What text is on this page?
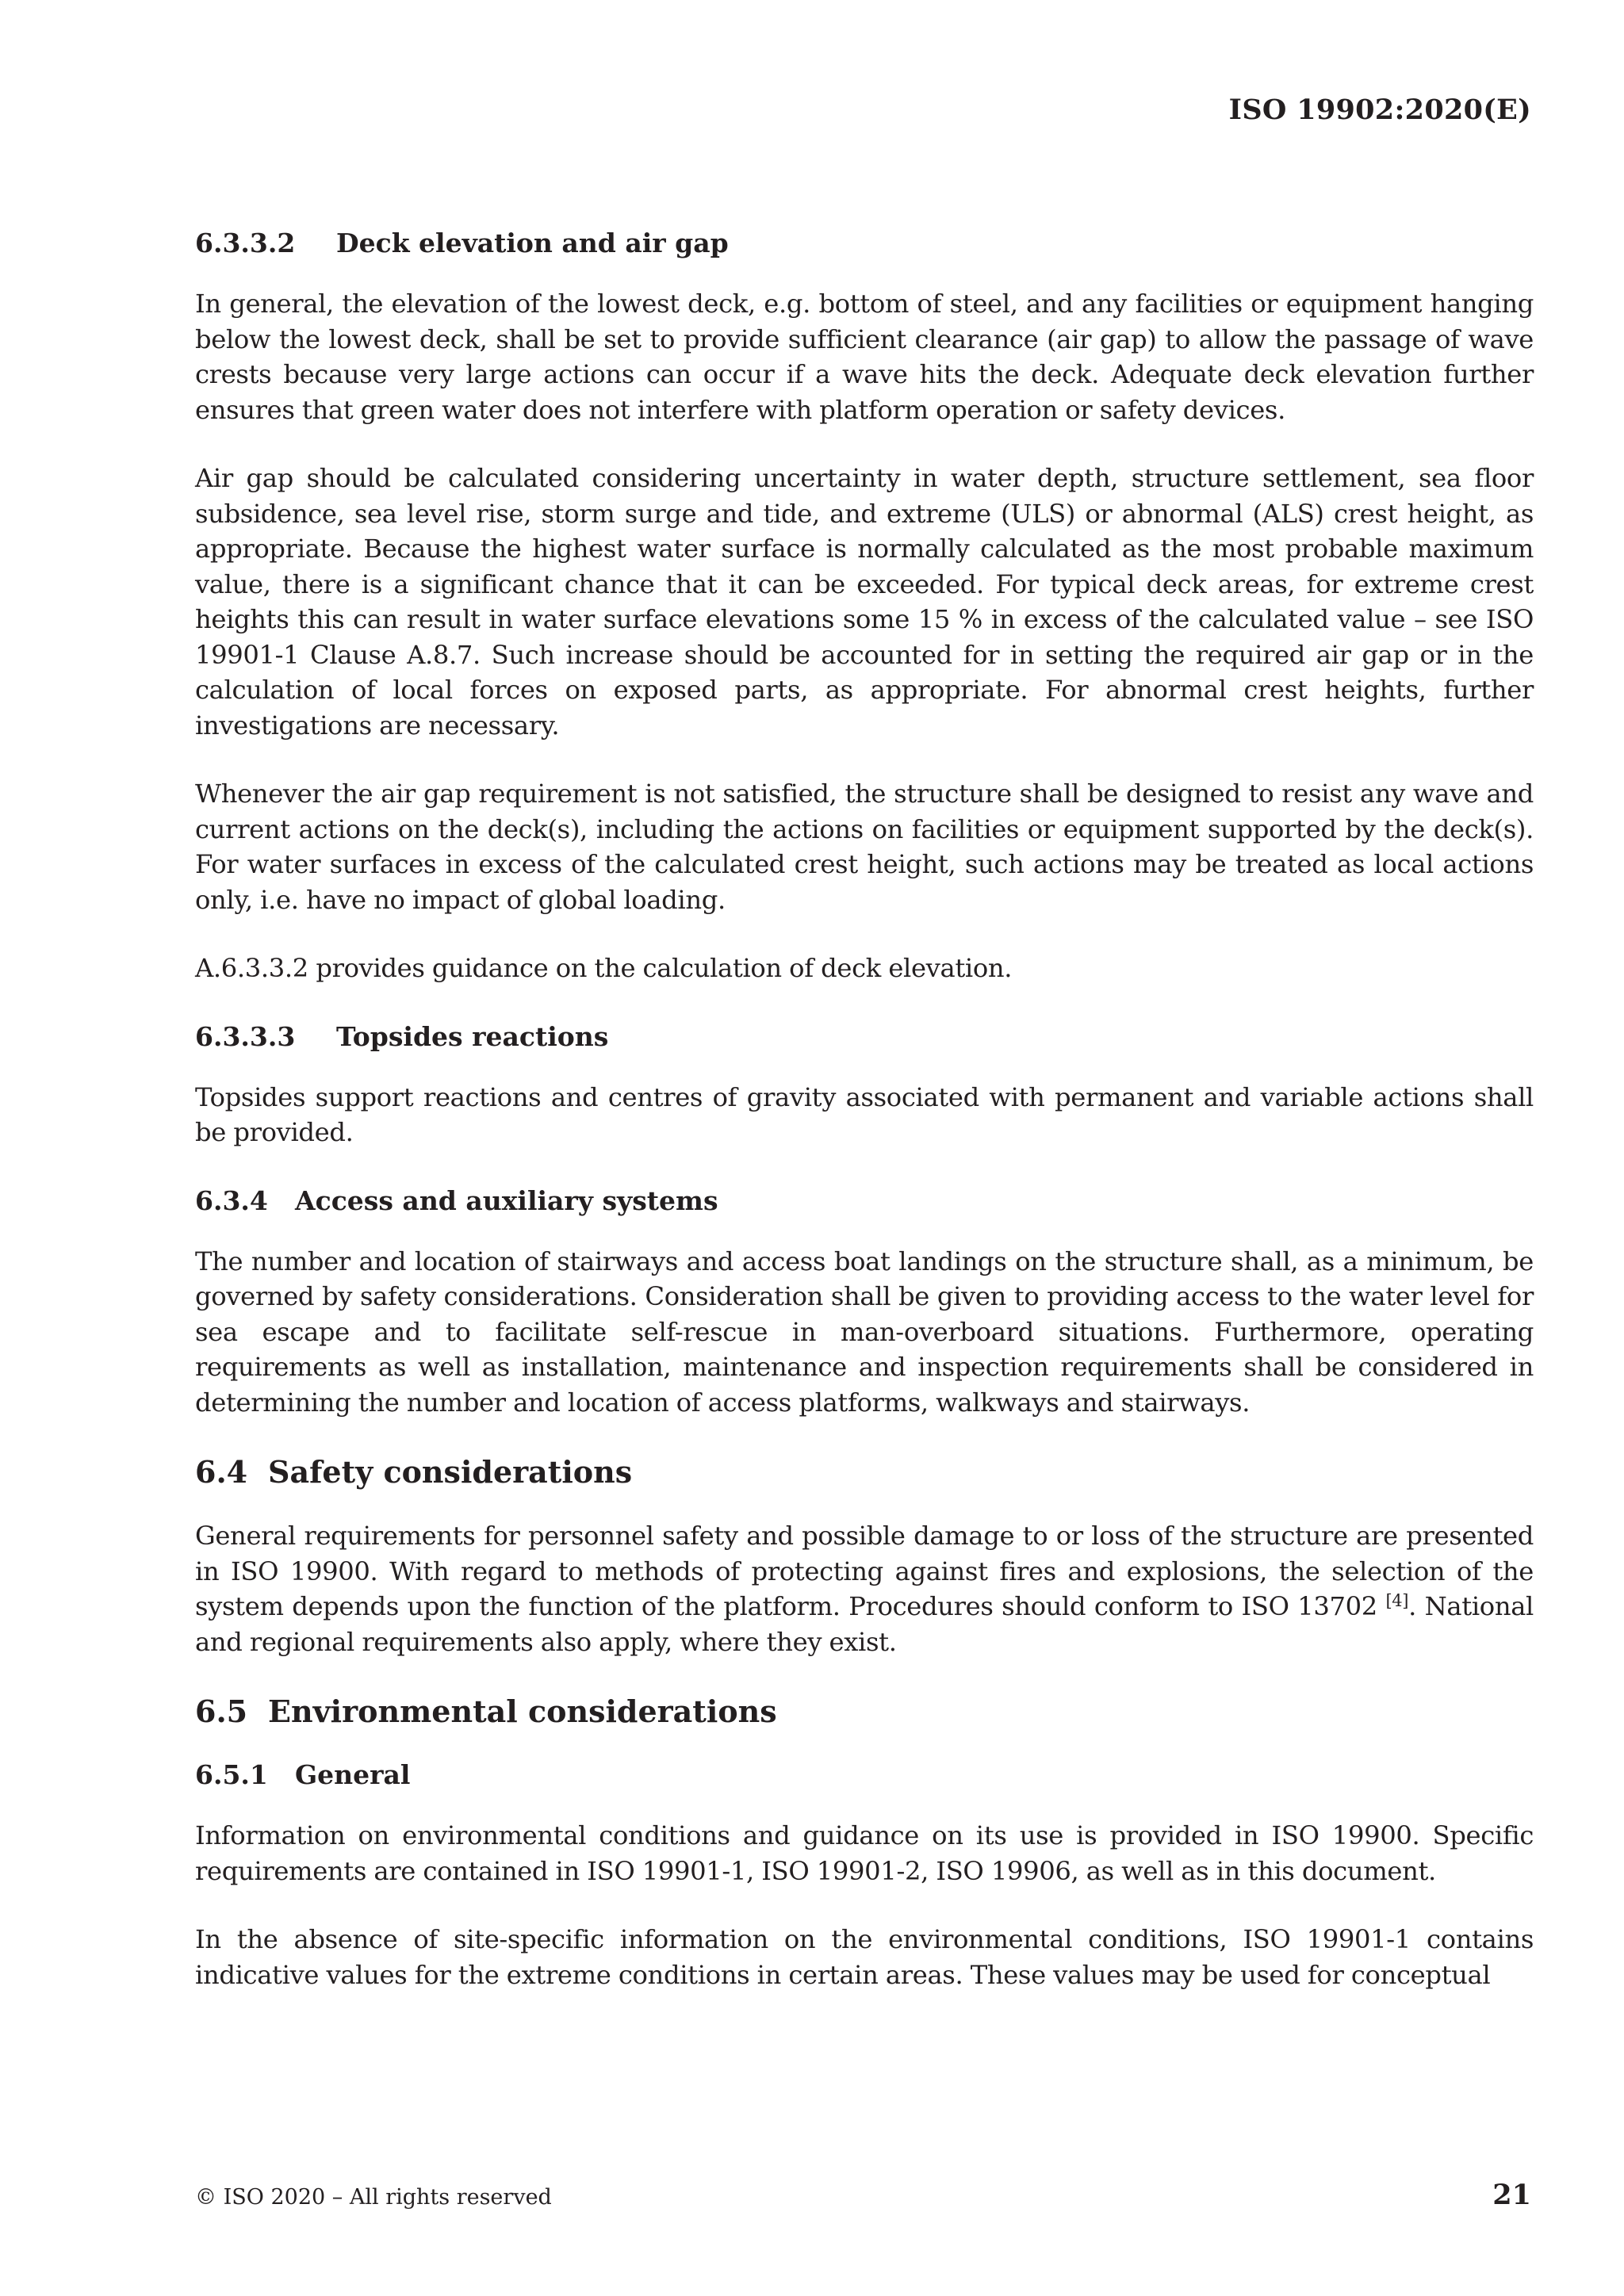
ISO 19902:2020(E)
6.3.3.2	Deck elevation and air gap

In general, the elevation of the lowest deck, e.g. bottom of steel, and any facilities or equipment hanging below the lowest deck, shall be set to provide sufficient clearance (air gap) to allow the passage of wave crests because very large actions can occur if a wave hits the deck. Adequate deck elevation further ensures that green water does not interfere with platform operation or safety devices.

Air gap should be calculated considering uncertainty in water depth, structure settlement, sea floor subsidence, sea level rise, storm surge and tide, and extreme (ULS) or abnormal (ALS) crest height, as appropriate. Because the highest water surface is normally calculated as the most probable maximum value, there is a significant chance that it can be exceeded. For typical deck areas, for extreme crest heights this can result in water surface elevations some 15 % in excess of the calculated value – see ISO 19901-1 Clause A.8.7. Such increase should be accounted for in setting the required air gap or in the calculation of local forces on exposed parts, as appropriate. For abnormal crest heights, further investigations are necessary.

Whenever the air gap requirement is not satisfied, the structure shall be designed to resist any wave and current actions on the deck(s), including the actions on facilities or equipment supported by the deck(s). For water surfaces in excess of the calculated crest height, such actions may be treated as local actions only, i.e. have no impact of global loading.

A.6.3.3.2 provides guidance on the calculation of deck elevation.

6.3.3.3	Topsides reactions

Topsides support reactions and centres of gravity associated with permanent and variable actions shall be provided.

6.3.4	Access and auxiliary systems

The number and location of stairways and access boat landings on the structure shall, as a minimum, be governed by safety considerations. Consideration shall be given to providing access to the water level for sea escape and to facilitate self-rescue in man-overboard situations. Furthermore, operating requirements as well as installation, maintenance and inspection requirements shall be considered in determining the number and location of access platforms, walkways and stairways.

6.4 Safety considerations

General requirements for personnel safety and possible damage to or loss of the structure are presented in ISO 19900. With regard to methods of protecting against fires and explosions, the selection of the system depends upon the function of the platform. Procedures should conform to ISO 13702 [4]. National and regional requirements also apply, where they exist.

6.5 Environmental considerations
6.5.1	General

Information on environmental conditions and guidance on its use is provided in ISO 19900. Specific requirements are contained in ISO 19901-1, ISO 19901-2, ISO 19906, as well as in this document.

In the absence of site-specific information on the environmental conditions, ISO 19901-1 contains indicative values for the extreme conditions in certain areas. These values may be used for conceptual

© ISO 2020 – All rights reserved	21
